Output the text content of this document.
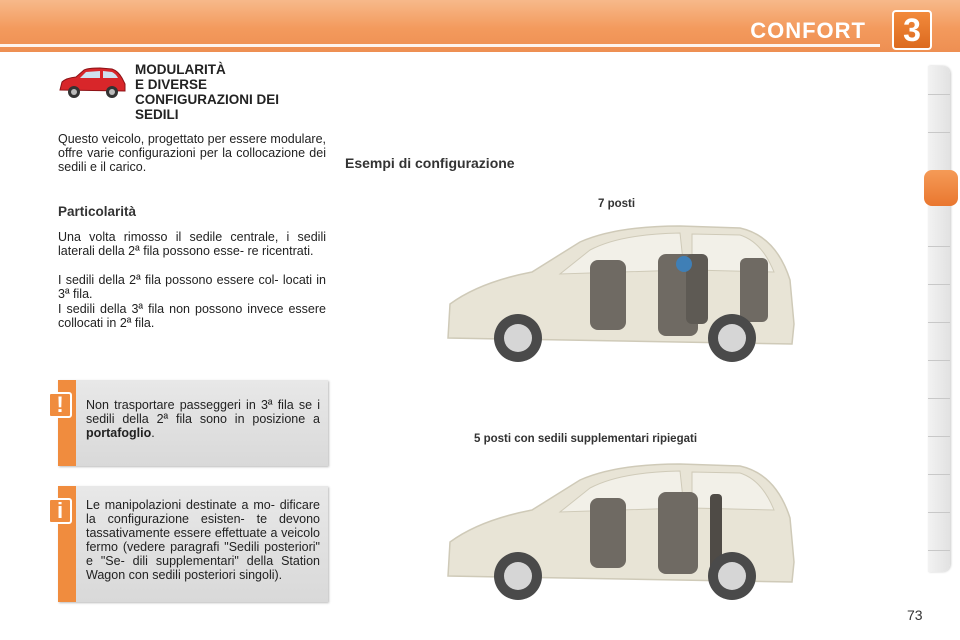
CONFORT	3
MODULARITÀ
E DIVERSE
CONFIGURAZIONI DEI
SEDILI
Questo veicolo, progettato per essere modulare, offre varie configurazioni per la collocazione dei sedili e il carico.
Particolarità
Una volta rimosso il sedile centrale, i sedili laterali della 2ª fila possono esse- re ricentrati.
I sedili della 2ª fila possono essere col- locati in 3ª fila.
I sedili della 3ª fila non possono invece essere collocati in 2ª fila.
!	Non trasportare passeggeri in 3ª fila se i sedili della 2ª fila sono in posizione a portafoglio.
i	Le manipolazioni destinate a mo- dificare la configurazione esisten- te devono tassativamente essere effettuate a veicolo fermo (vedere paragrafi "Sedili posteriori" e "Se- dili supplementari" della Station Wagon con sedili posteriori singoli).
Esempi di configurazione
7 posti
5 posti con sedili supplementari ripiegati
73
